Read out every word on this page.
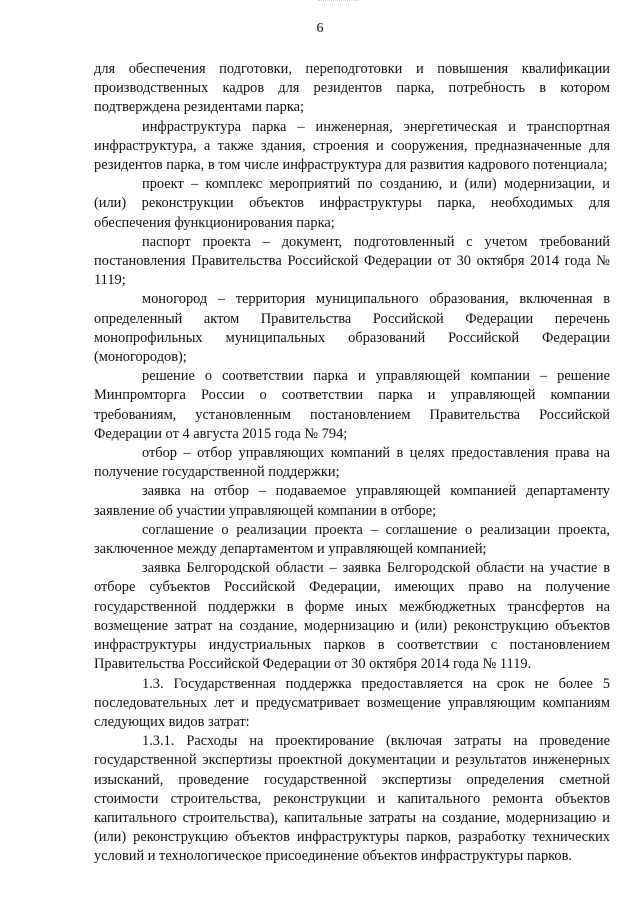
6

для обеспечения подготовки, переподготовки и повышения квалификации производственных кадров для резидентов парка, потребность в котором подтверждена резидентами парка;

инфраструктура парка – инженерная, энергетическая и транспортная инфраструктура, а также здания, строения и сооружения, предназначенные для резидентов парка, в том числе инфраструктура для развития кадрового потенциала;

проект – комплекс мероприятий по созданию, и (или) модернизации, и (или) реконструкции объектов инфраструктуры парка, необходимых для обеспечения функционирования парка;

паспорт проекта – документ, подготовленный с учетом требований постановления Правительства Российской Федерации от 30 октября 2014 года № 1119;

моногород – территория муниципального образования, включенная в определенный актом Правительства Российской Федерации перечень монопрофильных муниципальных образований Российской Федерации (моногородов);

решение о соответствии парка и управляющей компании – решение Минпромторга России о соответствии парка и управляющей компании требованиям, установленным постановлением Правительства Российской Федерации от 4 августа 2015 года № 794;

отбор – отбор управляющих компаний в целях предоставления права на получение государственной поддержки;

заявка на отбор – подаваемое управляющей компанией департаменту заявление об участии управляющей компании в отборе;

соглашение о реализации проекта – соглашение о реализации проекта, заключенное между департаментом и управляющей компанией;

заявка Белгородской области – заявка Белгородской области на участие в отборе субъектов Российской Федерации, имеющих право на получение государственной поддержки в форме иных межбюджетных трансфертов на возмещение затрат на создание, модернизацию и (или) реконструкцию объектов инфраструктуры индустриальных парков в соответствии с постановлением Правительства Российской Федерации от 30 октября 2014 года № 1119.

1.3. Государственная поддержка предоставляется на срок не более 5 последовательных лет и предусматривает возмещение управляющим компаниям следующих видов затрат:

1.3.1. Расходы на проектирование (включая затраты на проведение государственной экспертизы проектной документации и результатов инженерных изысканий, проведение государственной экспертизы определения сметной стоимости строительства, реконструкции и капитального ремонта объектов капитального строительства), капитальные затраты на создание, модернизацию и (или) реконструкцию объектов инфраструктуры парков, разработку технических условий и технологическое присоединение объектов инфраструктуры парков.
